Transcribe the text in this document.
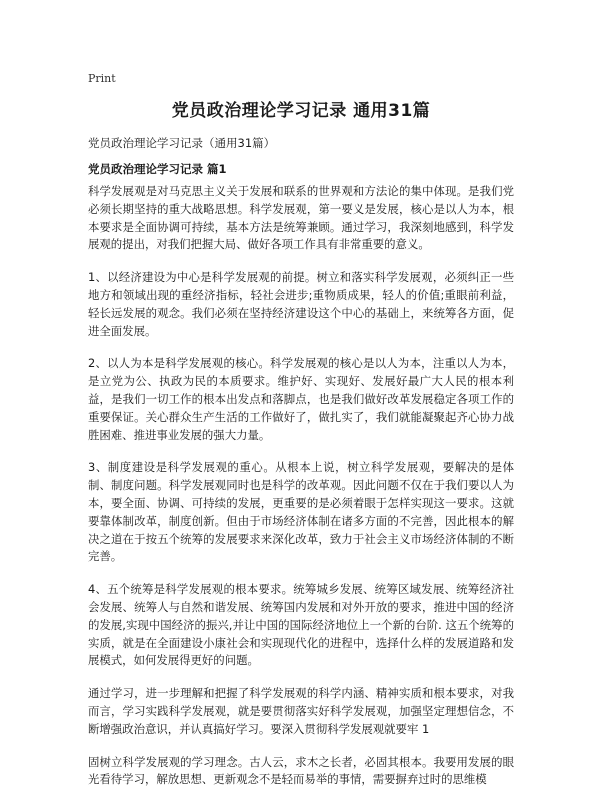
Print
党员政治理论学习记录 通用31篇

党员政治理论学习记录（通用31篇）

党员政治理论学习记录 篇1

科学发展观是对马克思主义关于发展和联系的世界观和方法论的集中体现。是我们党必须长期坚持的重大战略思想。科学发展观，第一要义是发展，核心是以人为本，根本要求是全面协调可持续，基本方法是统筹兼顾。通过学习，我深刻地感到，科学发展观的提出，对我们把握大局、做好各项工作具有非常重要的意义。

1、以经济建设为中心是科学发展观的前提。树立和落实科学发展观，必须纠正一些地方和领域出现的重经济指标，轻社会进步;重物质成果，轻人的价值;重眼前利益，轻长远发展的观念。我们必须在坚持经济建设这个中心的基础上，来统筹各方面，促进全面发展。

2、以人为本是科学发展观的核心。科学发展观的核心是以人为本，注重以人为本，是立党为公、执政为民的本质要求。维护好、实现好、发展好最广大人民的根本利益，是我们一切工作的根本出发点和落脚点，也是我们做好改革发展稳定各项工作的重要保证。关心群众生产生活的工作做好了，做扎实了，我们就能凝聚起齐心协力战胜困难、推进事业发展的强大力量。

3、制度建设是科学发展观的重心。从根本上说，树立科学发展观，要解决的是体制、制度问题。科学发展观同时也是科学的改革观。因此问题不仅在于我们要以人为本，要全面、协调、可持续的发展，更重要的是必须着眼于怎样实现这一要求。这就要靠体制改革，制度创新。但由于市场经济体制在诸多方面的不完善，因此根本的解决之道在于按五个统筹的发展要求来深化改革，致力于社会主义市场经济体制的不断完善。

4、五个统筹是科学发展观的根本要求。统筹城乡发展、统筹区域发展、统筹经济社会发展、统筹人与自然和谐发展、统筹国内发展和对外开放的要求，推进中国的经济的发展,实现中国经济的振兴,并让中国的国际经济地位上一个新的台阶. 这五个统筹的实质，就是在全面建设小康社会和实现现代化的进程中，选择什么样的发展道路和发展模式，如何发展得更好的问题。

通过学习，进一步理解和把握了科学发展观的科学内涵、精神实质和根本要求，对我而言，学习实践科学发展观，就是要贯彻落实好科学发展观，加强坚定理想信念，不断增强政治意识，并认真搞好学习。要深入贯彻科学发展观就要牢 1

固树立科学发展观的学习理念。古人云，求木之长者，必固其根本。我要用发展的眼光看待学习，解放思想、更新观念不是轻而易举的事情，需要摒弃过时的思维模
